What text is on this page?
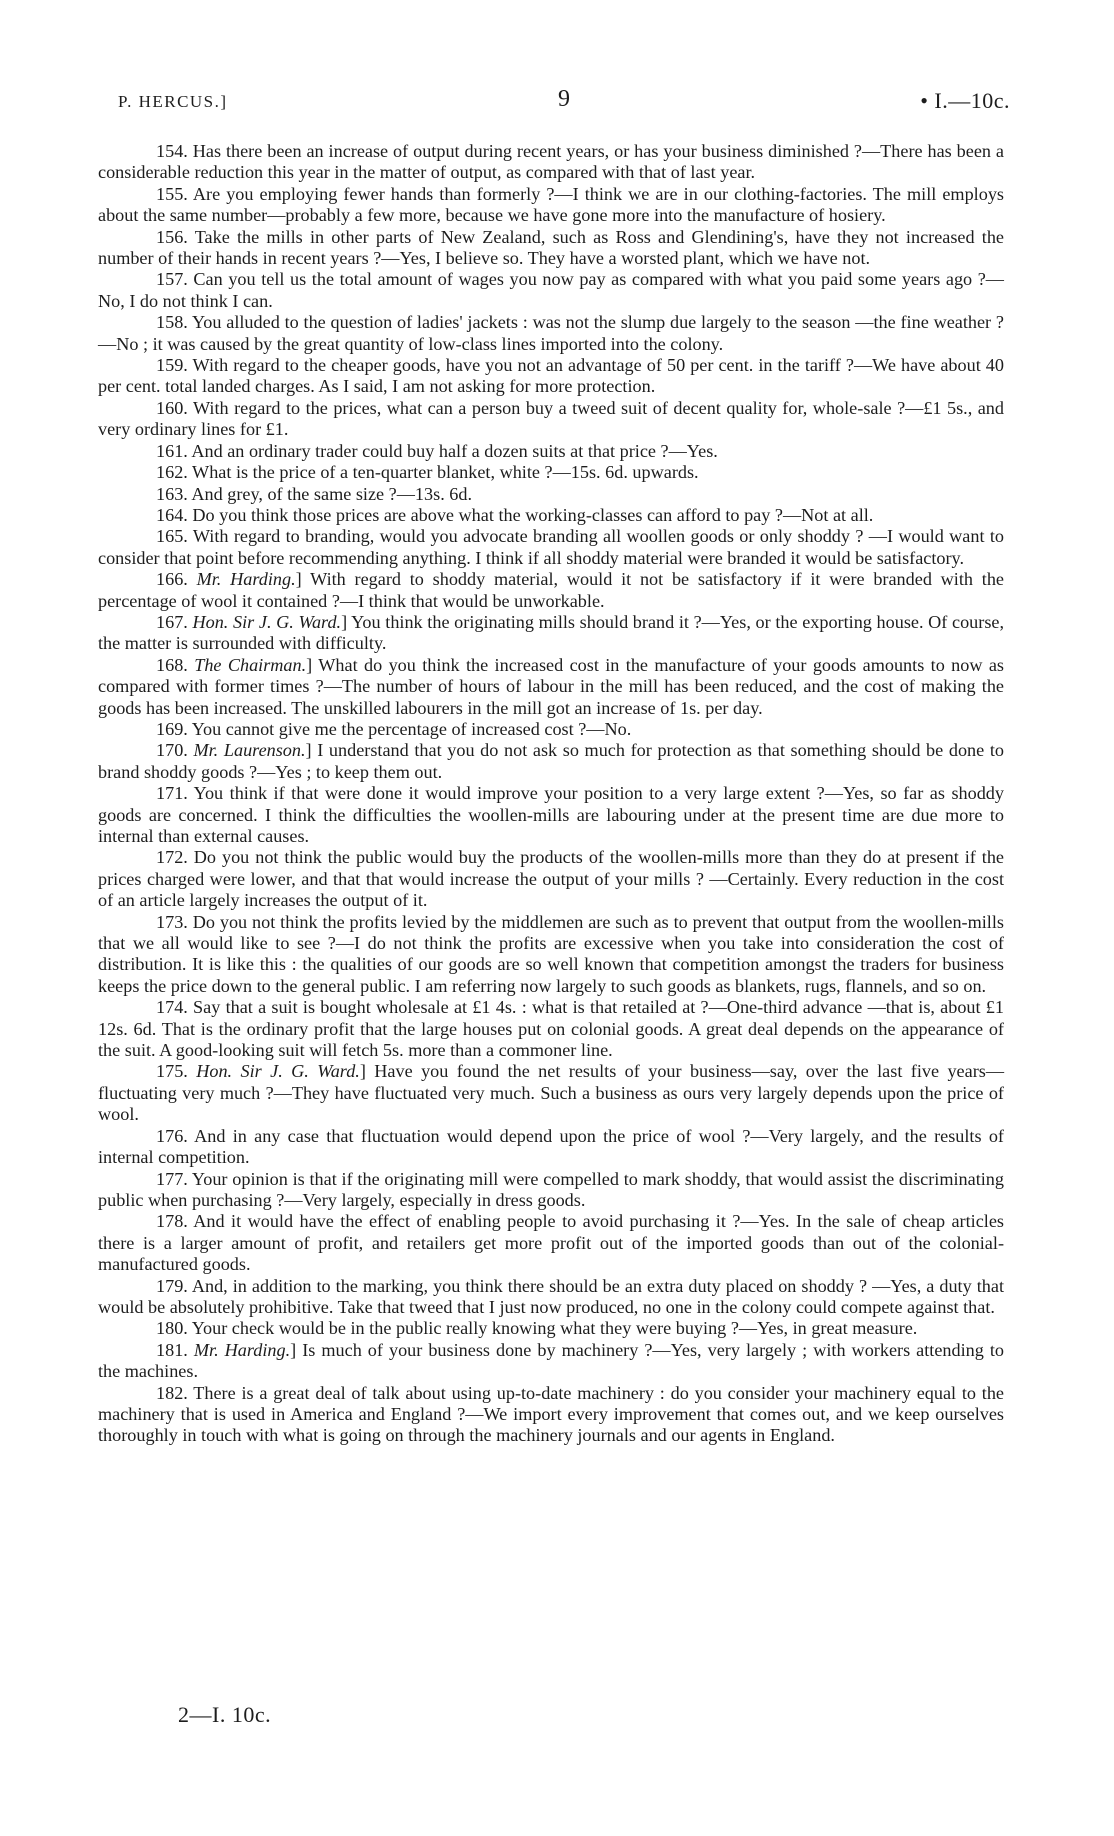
P. HERCUS.]	9	• I.—10c.

154. Has there been an increase of output during recent years, or has your business diminished ?—There has been a considerable reduction this year in the matter of output, as compared with that of last year.

155. Are you employing fewer hands than formerly ?—I think we are in our clothing-factories. The mill employs about the same number—probably a few more, because we have gone more into the manufacture of hosiery.

156. Take the mills in other parts of New Zealand, such as Ross and Glendining's, have they not increased the number of their hands in recent years ?—Yes, I believe so. They have a worsted plant, which we have not.

157. Can you tell us the total amount of wages you now pay as compared with what you paid some years ago ?—No, I do not think I can.

158. You alluded to the question of ladies' jackets : was not the slump due largely to the season —the fine weather ?—No ; it was caused by the great quantity of low-class lines imported into the colony.

159. With regard to the cheaper goods, have you not an advantage of 50 per cent. in the tariff ?—We have about 40 per cent. total landed charges. As I said, I am not asking for more protection.

160. With regard to the prices, what can a person buy a tweed suit of decent quality for, whole-sale ?—£1 5s., and very ordinary lines for £1.

161. And an ordinary trader could buy half a dozen suits at that price ?—Yes.

162. What is the price of a ten-quarter blanket, white ?—15s. 6d. upwards.

163. And grey, of the same size ?—13s. 6d.

164. Do you think those prices are above what the working-classes can afford to pay ?—Not at all.

165. With regard to branding, would you advocate branding all woollen goods or only shoddy ? —I would want to consider that point before recommending anything. I think if all shoddy material were branded it would be satisfactory.

166. Mr. Harding.] With regard to shoddy material, would it not be satisfactory if it were branded with the percentage of wool it contained ?—I think that would be unworkable.

167. Hon. Sir J. G. Ward.] You think the originating mills should brand it ?—Yes, or the exporting house. Of course, the matter is surrounded with difficulty.

168. The Chairman.] What do you think the increased cost in the manufacture of your goods amounts to now as compared with former times ?—The number of hours of labour in the mill has been reduced, and the cost of making the goods has been increased. The unskilled labourers in the mill got an increase of 1s. per day.

169. You cannot give me the percentage of increased cost ?—No.

170. Mr. Laurenson.] I understand that you do not ask so much for protection as that something should be done to brand shoddy goods ?—Yes ; to keep them out.

171. You think if that were done it would improve your position to a very large extent ?—Yes, so far as shoddy goods are concerned. I think the difficulties the woollen-mills are labouring under at the present time are due more to internal than external causes.

172. Do you not think the public would buy the products of the woollen-mills more than they do at present if the prices charged were lower, and that that would increase the output of your mills ? —Certainly. Every reduction in the cost of an article largely increases the output of it.

173. Do you not think the profits levied by the middlemen are such as to prevent that output from the woollen-mills that we all would like to see ?—I do not think the profits are excessive when you take into consideration the cost of distribution. It is like this : the qualities of our goods are so well known that competition amongst the traders for business keeps the price down to the general public. I am referring now largely to such goods as blankets, rugs, flannels, and so on.

174. Say that a suit is bought wholesale at £1 4s. : what is that retailed at ?—One-third advance —that is, about £1 12s. 6d. That is the ordinary profit that the large houses put on colonial goods. A great deal depends on the appearance of the suit. A good-looking suit will fetch 5s. more than a commoner line.

175. Hon. Sir J. G. Ward.] Have you found the net results of your business—say, over the last five years—fluctuating very much ?—They have fluctuated very much. Such a business as ours very largely depends upon the price of wool.

176. And in any case that fluctuation would depend upon the price of wool ?—Very largely, and the results of internal competition.

177. Your opinion is that if the originating mill were compelled to mark shoddy, that would assist the discriminating public when purchasing ?—Very largely, especially in dress goods.

178. And it would have the effect of enabling people to avoid purchasing it ?—Yes. In the sale of cheap articles there is a larger amount of profit, and retailers get more profit out of the imported goods than out of the colonial-manufactured goods.

179. And, in addition to the marking, you think there should be an extra duty placed on shoddy ? —Yes, a duty that would be absolutely prohibitive. Take that tweed that I just now produced, no one in the colony could compete against that.

180. Your check would be in the public really knowing what they were buying ?—Yes, in great measure.

181. Mr. Harding.] Is much of your business done by machinery ?—Yes, very largely ; with workers attending to the machines.

182. There is a great deal of talk about using up-to-date machinery : do you consider your machinery equal to the machinery that is used in America and England ?—We import every improvement that comes out, and we keep ourselves thoroughly in touch with what is going on through the machinery journals and our agents in England.

2—I. 10c.
